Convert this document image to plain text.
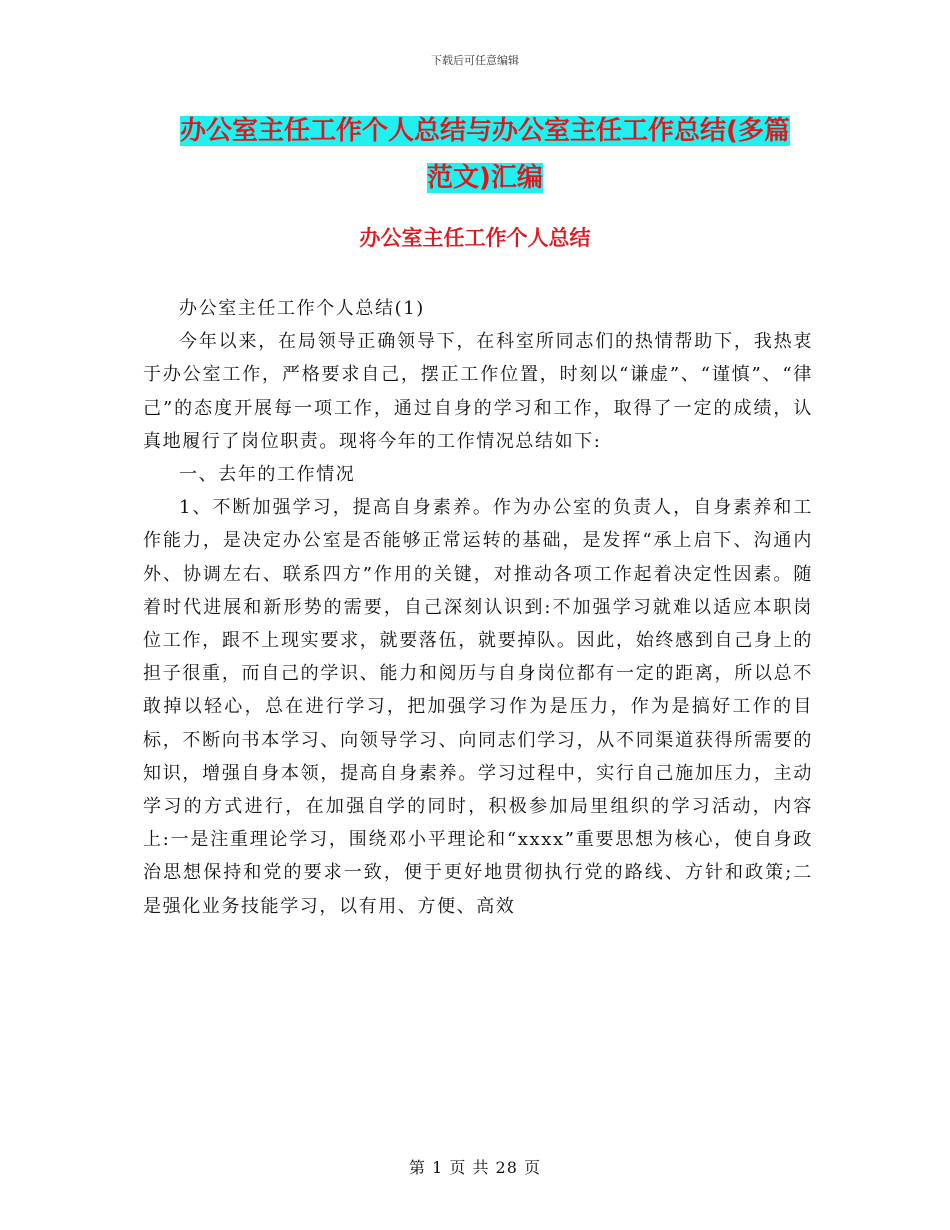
下载后可任意编辑
办公室主任工作个人总结与办公室主任工作总结(多篇
范文)汇编
办公室主任工作个人总结

办公室主任工作个人总结(1)

今年以来，在局领导正确领导下，在科室所同志们的热情帮助下，我热衷于办公室工作，严格要求自己，摆正工作位置，时刻以“谦虚”、“谨慎”、“律己”的态度开展每一项工作，通过自身的学习和工作，取得了一定的成绩，认真地履行了岗位职责。现将今年的工作情况总结如下:

一、去年的工作情况

1、不断加强学习，提高自身素养。作为办公室的负责人，自身素养和工作能力，是决定办公室是否能够正常运转的基础，是发挥“承上启下、沟通内外、协调左右、联系四方”作用的关键，对推动各项工作起着决定性因素。随着时代进展和新形势的需要，自己深刻认识到:不加强学习就难以适应本职岗位工作，跟不上现实要求，就要落伍，就要掉队。因此，始终感到自己身上的担子很重，而自己的学识、能力和阅历与自身岗位都有一定的距离，所以总不敢掉以轻心，总在进行学习，把加强学习作为是压力，作为是搞好工作的目标，不断向书本学习、向领导学习、向同志们学习，从不同渠道获得所需要的知识，增强自身本领，提高自身素养。学习过程中，实行自己施加压力，主动学习的方式进行，在加强自学的同时，积极参加局里组织的学习活动，内容上:一是注重理论学习，围绕邓小平理论和“xxxx”重要思想为核心，使自身政治思想保持和党的要求一致，便于更好地贯彻执行党的路线、方针和政策;二是强化业务技能学习，以有用、方便、高效

第 1 页 共 28 页
